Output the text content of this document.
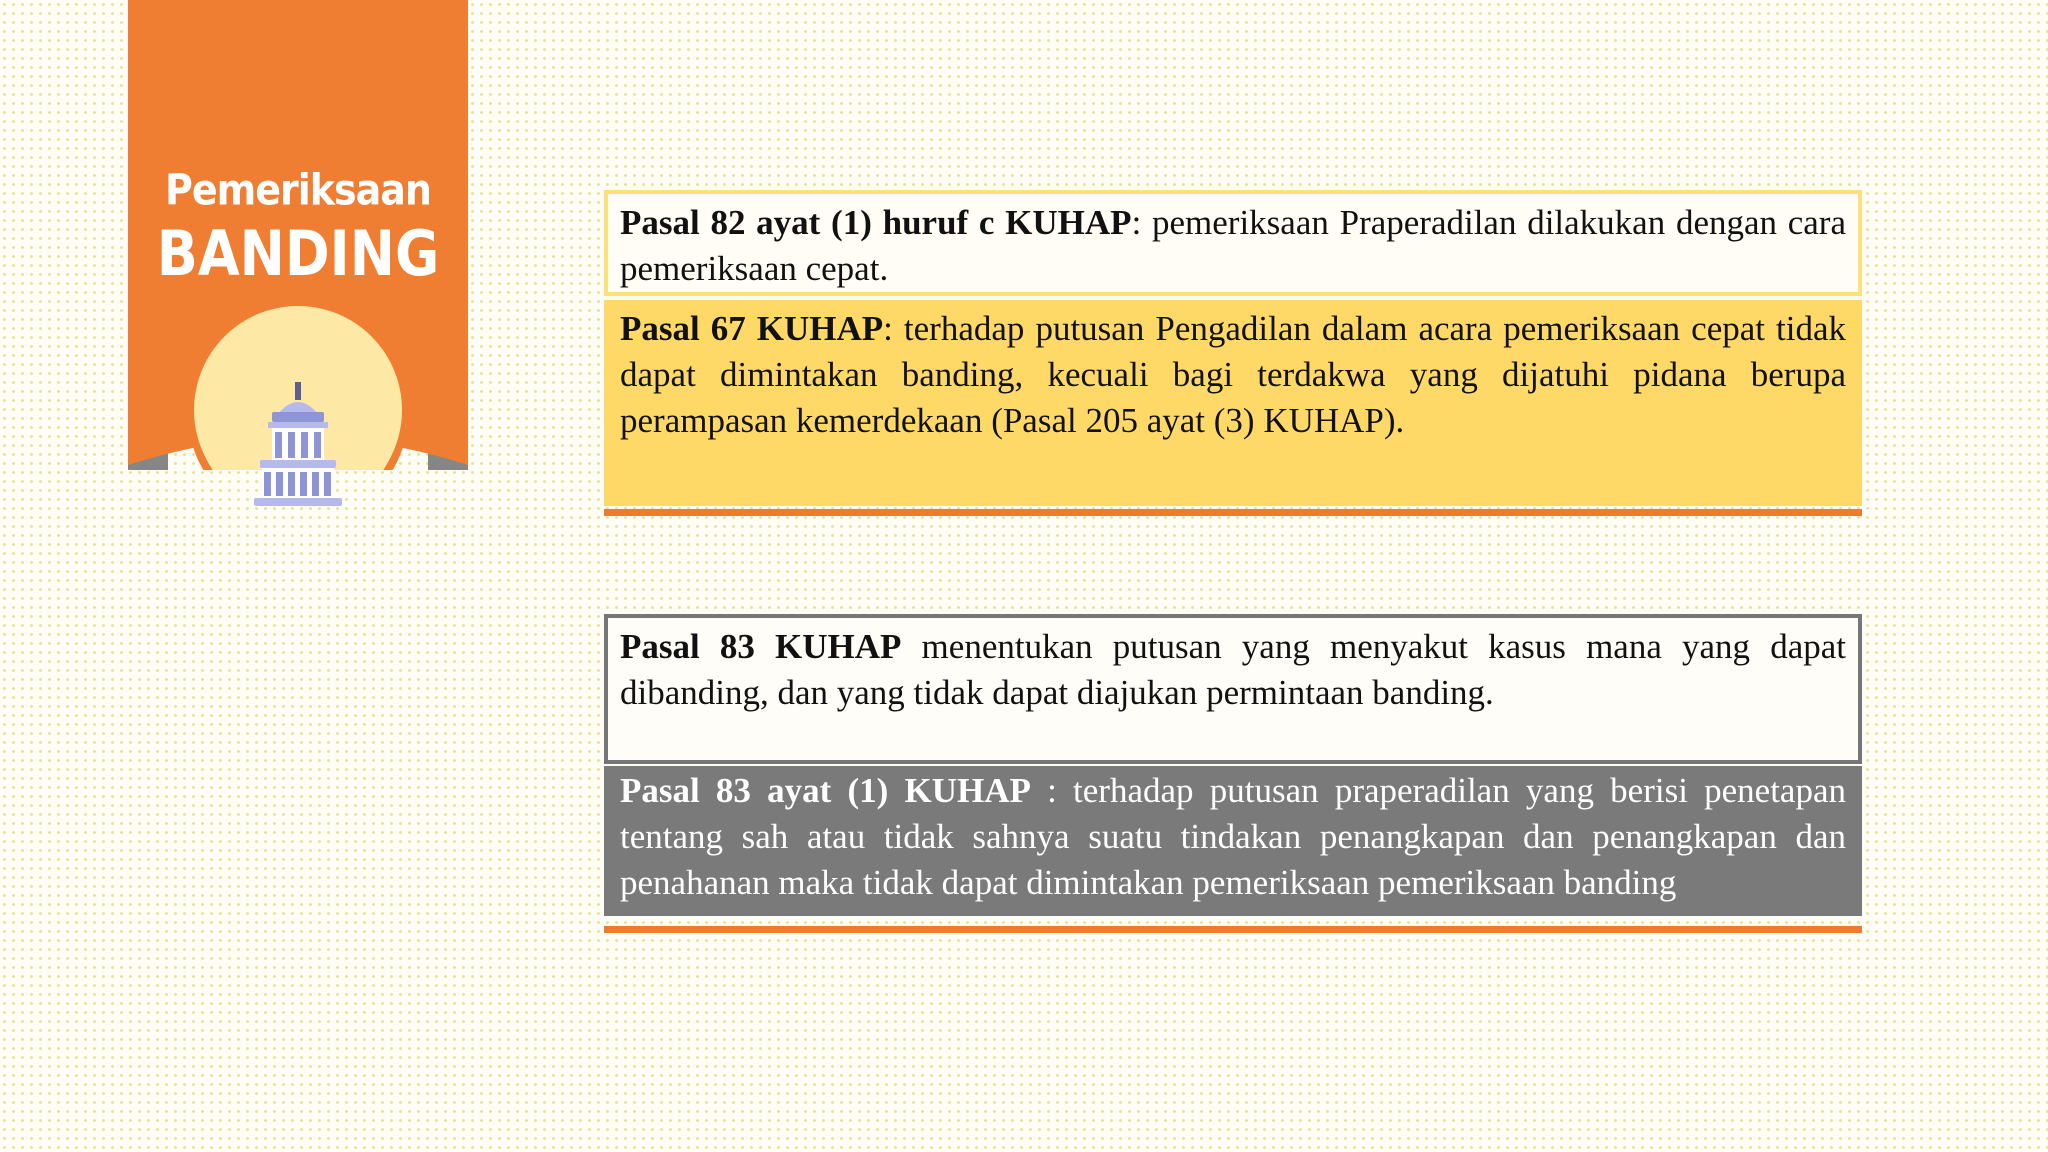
Pemeriksaan
BANDING	Pasal 82 ayat (1) huruf c KUHAP: pemeriksaan Praperadilan dilakukan dengan cara pemeriksaan cepat.
Pasal 67 KUHAP: terhadap putusan Pengadilan dalam acara pemeriksaan cepat tidak dapat dimintakan banding, kecuali bagi terdakwa yang dijatuhi pidana berupa perampasan kemerdekaan (Pasal 205 ayat (3) KUHAP).
Pasal 83 KUHAP menentukan putusan yang menyakut kasus mana yang dapat dibanding, dan yang tidak dapat diajukan permintaan banding.
Pasal 83 ayat (1) KUHAP : terhadap putusan praperadilan yang berisi penetapan tentang sah atau tidak sahnya suatu tindakan penangkapan dan penangkapan dan penahanan maka tidak dapat dimintakan pemeriksaan pemeriksaan banding
